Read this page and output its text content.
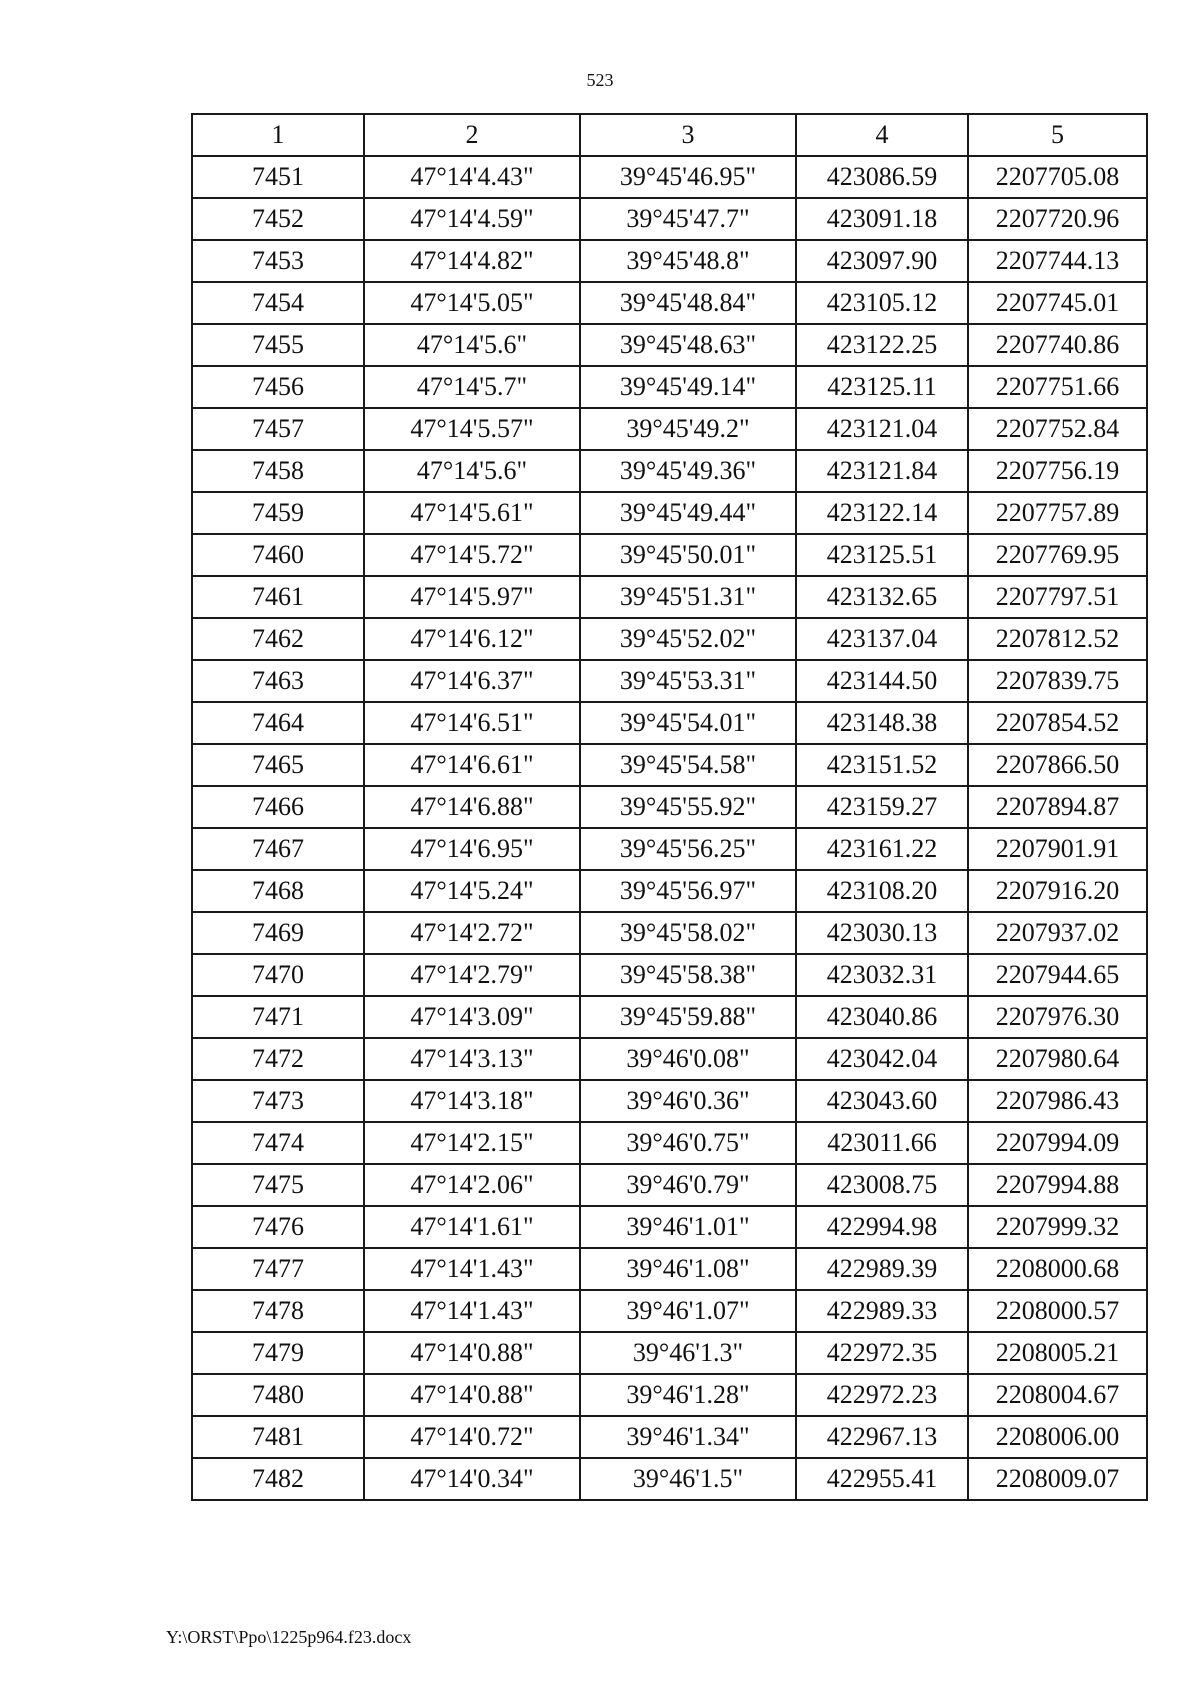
523
1	2	3	4	5
7451	47°14'4.43"	39°45'46.95"	423086.59	2207705.08
7452	47°14'4.59"	39°45'47.7"	423091.18	2207720.96
7453	47°14'4.82"	39°45'48.8"	423097.90	2207744.13
7454	47°14'5.05"	39°45'48.84"	423105.12	2207745.01
7455	47°14'5.6"	39°45'48.63"	423122.25	2207740.86
7456	47°14'5.7"	39°45'49.14"	423125.11	2207751.66
7457	47°14'5.57"	39°45'49.2"	423121.04	2207752.84
7458	47°14'5.6"	39°45'49.36"	423121.84	2207756.19
7459	47°14'5.61"	39°45'49.44"	423122.14	2207757.89
7460	47°14'5.72"	39°45'50.01"	423125.51	2207769.95
7461	47°14'5.97"	39°45'51.31"	423132.65	2207797.51
7462	47°14'6.12"	39°45'52.02"	423137.04	2207812.52
7463	47°14'6.37"	39°45'53.31"	423144.50	2207839.75
7464	47°14'6.51"	39°45'54.01"	423148.38	2207854.52
7465	47°14'6.61"	39°45'54.58"	423151.52	2207866.50
7466	47°14'6.88"	39°45'55.92"	423159.27	2207894.87
7467	47°14'6.95"	39°45'56.25"	423161.22	2207901.91
7468	47°14'5.24"	39°45'56.97"	423108.20	2207916.20
7469	47°14'2.72"	39°45'58.02"	423030.13	2207937.02
7470	47°14'2.79"	39°45'58.38"	423032.31	2207944.65
7471	47°14'3.09"	39°45'59.88"	423040.86	2207976.30
7472	47°14'3.13"	39°46'0.08"	423042.04	2207980.64
7473	47°14'3.18"	39°46'0.36"	423043.60	2207986.43
7474	47°14'2.15"	39°46'0.75"	423011.66	2207994.09
7475	47°14'2.06"	39°46'0.79"	423008.75	2207994.88
7476	47°14'1.61"	39°46'1.01"	422994.98	2207999.32
7477	47°14'1.43"	39°46'1.08"	422989.39	2208000.68
7478	47°14'1.43"	39°46'1.07"	422989.33	2208000.57
7479	47°14'0.88"	39°46'1.3"	422972.35	2208005.21
7480	47°14'0.88"	39°46'1.28"	422972.23	2208004.67
7481	47°14'0.72"	39°46'1.34"	422967.13	2208006.00
7482	47°14'0.34"	39°46'1.5"	422955.41	2208009.07
Y:\ORST\Ppo\1225p964.f23.docx
